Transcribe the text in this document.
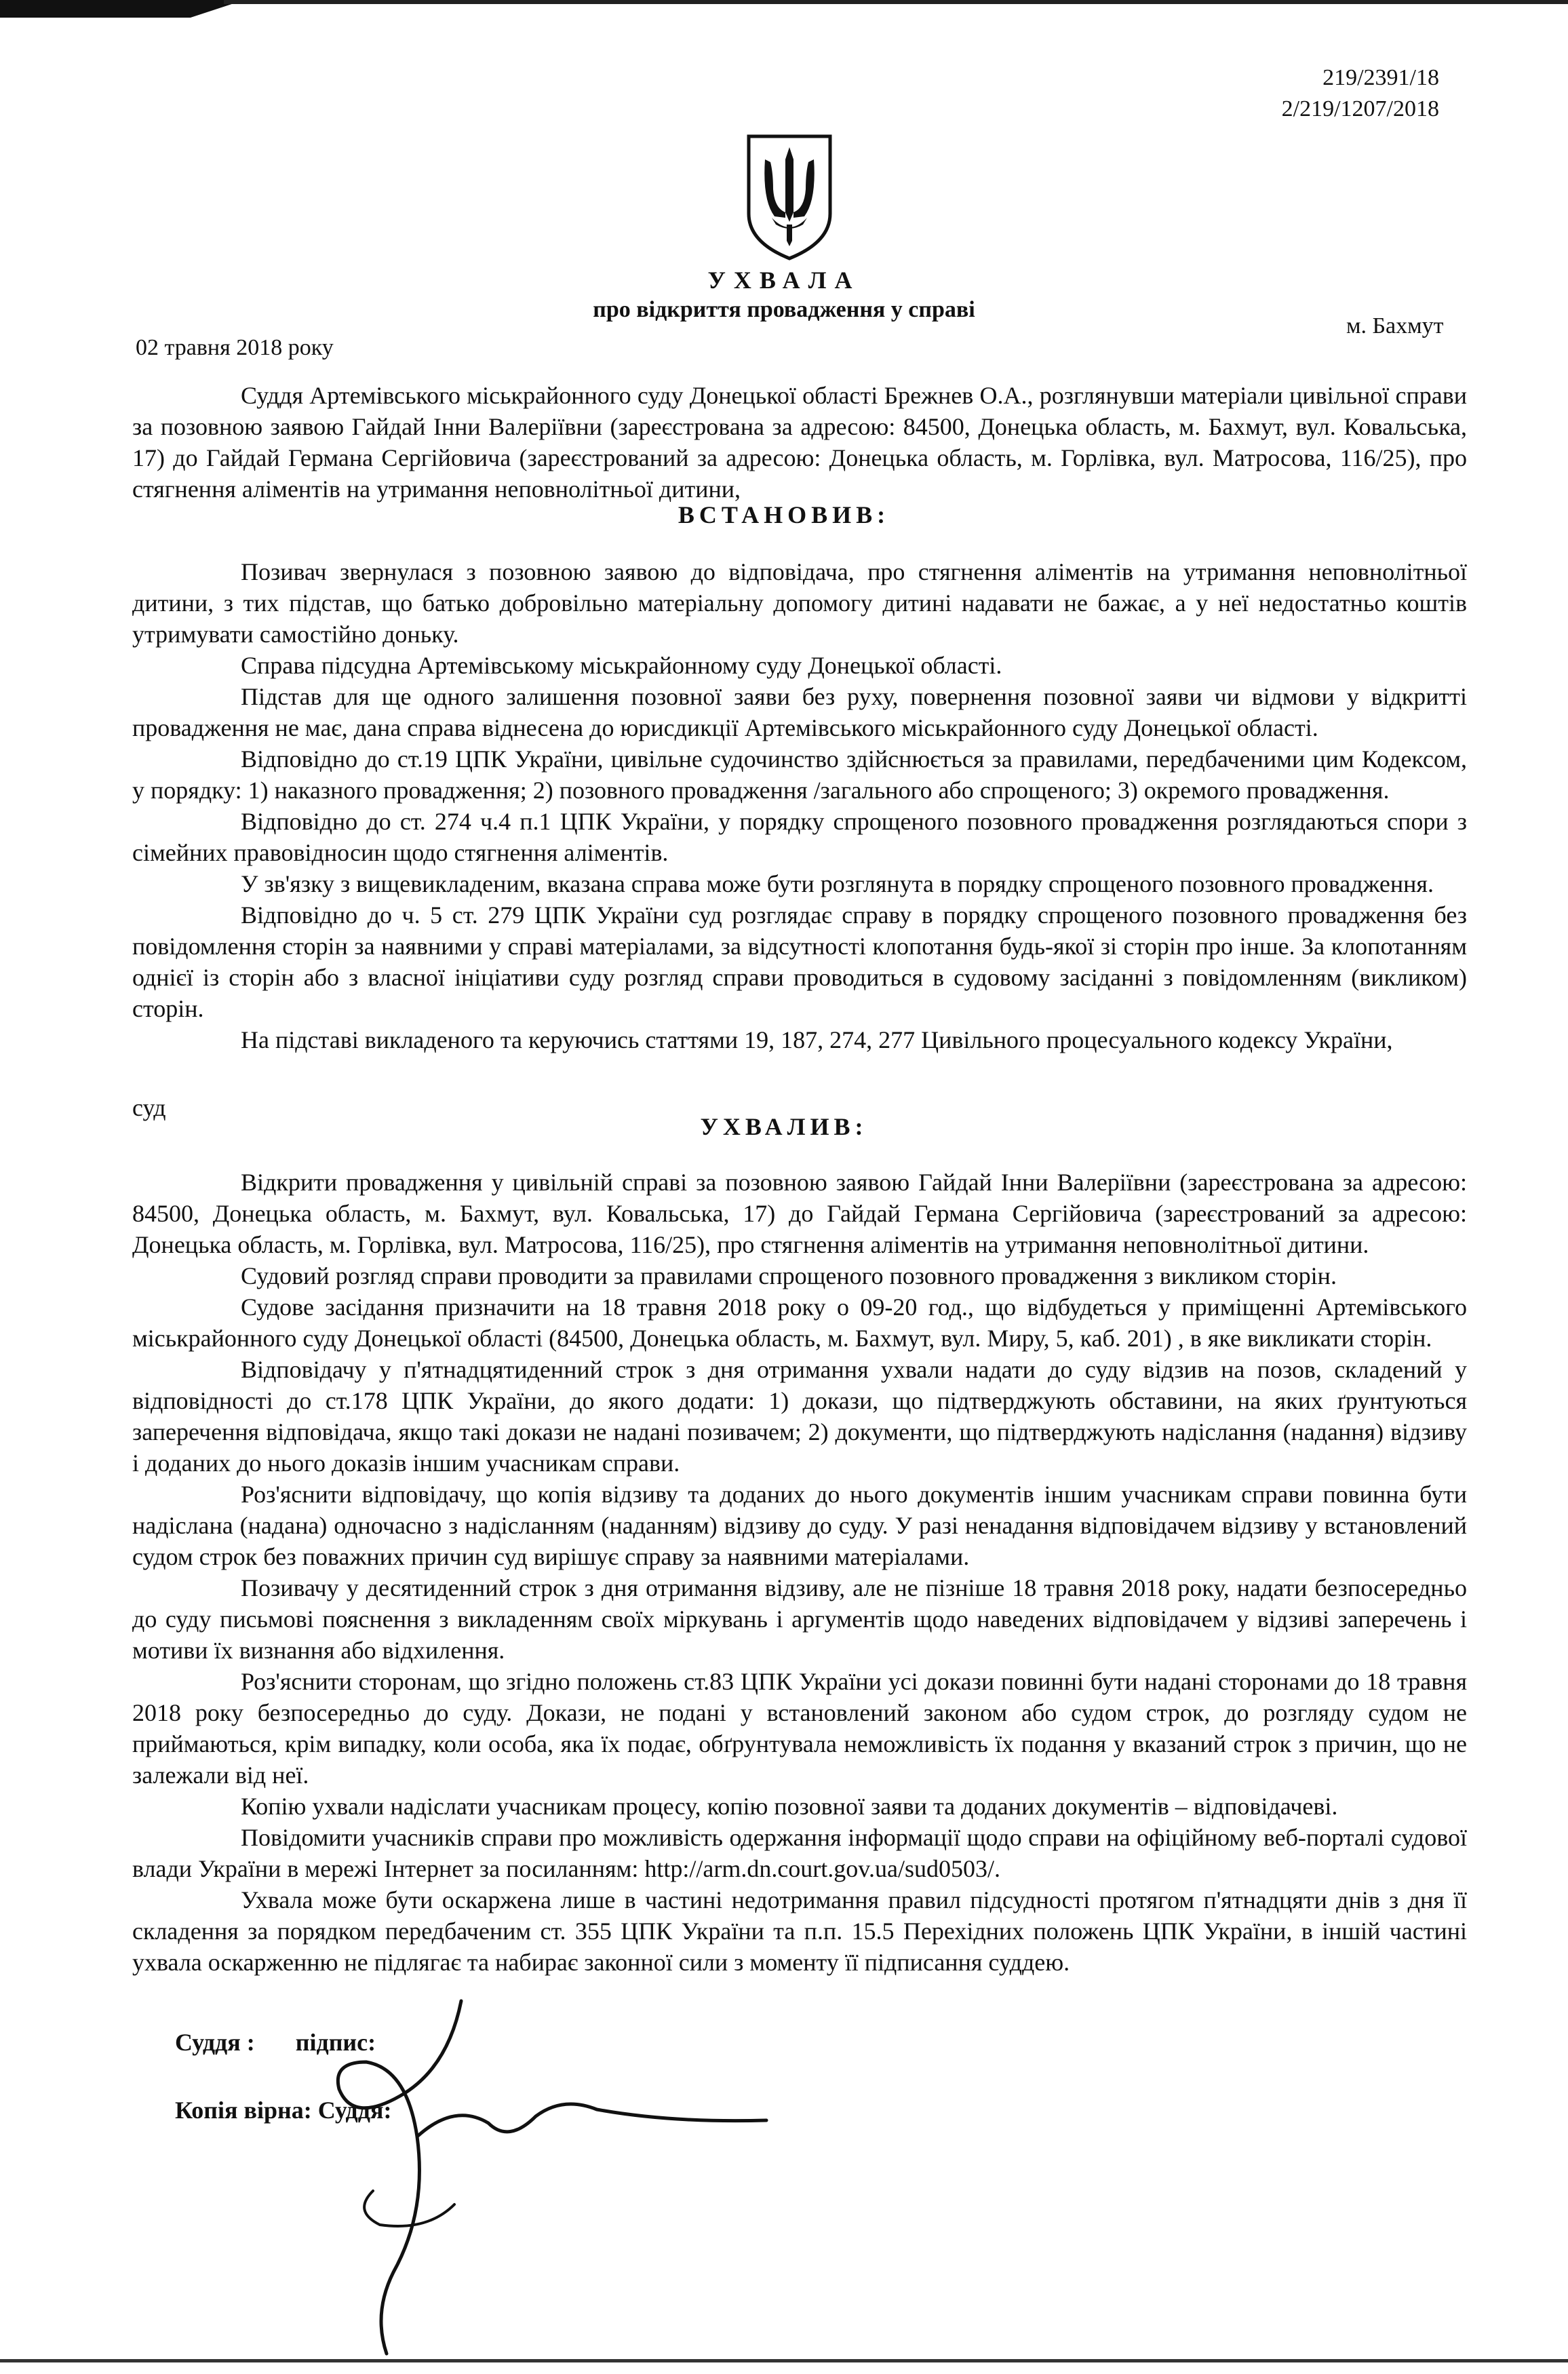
219/2391/18
2/219/1207/2018
УХВАЛА
про відкриття провадження у справі
02 травня 2018 року
м. Бахмут

Суддя Артемівського міськрайонного суду Донецької області Брежнев О.А., розглянувши матеріали цивільної справи за позовною заявою Гайдай Інни Валеріївни (зареєстрована за адресою: 84500, Донецька область, м. Бахмут, вул. Ковальська, 17) до Гайдай Германа Сергійовича (зареєстрований за адресою: Донецька область, м. Горлівка, вул. Матросова, 116/25), про стягнення аліментів на утримання неповнолітньої дитини,

ВСТАНОВИВ:

Позивач звернулася з позовною заявою до відповідача, про стягнення аліментів на утримання неповнолітньої дитини, з тих підстав, що батько добровільно матеріальну допомогу дитині надавати не бажає, а у неї недостатньо коштів утримувати самостійно доньку.

Справа підсудна Артемівському міськрайонному суду Донецької області.

Підстав для ще одного залишення позовної заяви без руху, повернення позовної заяви чи відмови у відкритті провадження не має, дана справа віднесена до юрисдикції Артемівського міськрайонного суду Донецької області.

Відповідно до ст.19 ЦПК України, цивільне судочинство здійснюється за правилами, передбаченими цим Кодексом, у порядку: 1) наказного провадження; 2) позовного провадження /загального або спрощеного; 3) окремого провадження.

Відповідно до ст. 274 ч.4 п.1 ЦПК України, у порядку спрощеного позовного провадження розглядаються спори з сімейних правовідносин щодо стягнення аліментів.

У зв'язку з вищевикладеним, вказана справа може бути розглянута в порядку спрощеного позовного провадження.

Відповідно до ч. 5 ст. 279 ЦПК України суд розглядає справу в порядку спрощеного позовного провадження без повідомлення сторін за наявними у справі матеріалами, за відсутності клопотання будь-якої зі сторін про інше. За клопотанням однієї із сторін або з власної ініціативи суду розгляд справи проводиться в судовому засіданні з повідомленням (викликом) сторін.

На підставі викладеного та керуючись статтями 19, 187, 274, 277 Цивільного процесуального кодексу України,

суд
УХВАЛИВ:

Відкрити провадження у цивільній справі за позовною заявою Гайдай Інни Валеріївни (зареєстрована за адресою: 84500, Донецька область, м. Бахмут, вул. Ковальська, 17) до Гайдай Германа Сергійовича (зареєстрований за адресою: Донецька область, м. Горлівка, вул. Матросова, 116/25), про стягнення аліментів на утримання неповнолітньої дитини.

Судовий розгляд справи проводити за правилами спрощеного позовного провадження з викликом сторін.

Судове засідання призначити на 18 травня 2018 року о 09-20 год., що відбудеться у приміщенні Артемівського міськрайонного суду Донецької області (84500, Донецька область, м. Бахмут, вул. Миру, 5, каб. 201) , в яке викликати сторін.

Відповідачу у п'ятнадцятиденний строк з дня отримання ухвали надати до суду відзив на позов, складений у відповідності до ст.178 ЦПК України, до якого додати: 1) докази, що підтверджують обставини, на яких ґрунтуються заперечення відповідача, якщо такі докази не надані позивачем; 2) документи, що підтверджують надіслання (надання) відзиву і доданих до нього доказів іншим учасникам справи.

Роз'яснити відповідачу, що копія відзиву та доданих до нього документів іншим учасникам справи повинна бути надіслана (надана) одночасно з надісланням (наданням) відзиву до суду. У разі ненадання відповідачем відзиву у встановлений судом строк без поважних причин суд вирішує справу за наявними матеріалами.

Позивачу у десятиденний строк з дня отримання відзиву, але не пізніше 18 травня 2018 року, надати безпосередньо до суду письмові пояснення з викладенням своїх міркувань і аргументів щодо наведених відповідачем у відзиві заперечень і мотиви їх визнання або відхилення.

Роз'яснити сторонам, що згідно положень ст.83 ЦПК України усі докази повинні бути надані сторонами до 18 травня 2018 року безпосередньо до суду. Докази, не подані у встановлений законом або судом строк, до розгляду судом не приймаються, крім випадку, коли особа, яка їх подає, обґрунтувала неможливість їх подання у вказаний строк з причин, що не залежали від неї.

Копію ухвали надіслати учасникам процесу, копію позовної заяви та доданих документів – відповідачеві.

Повідомити учасників справи про можливість одержання інформації щодо справи на офіційному веб-порталі судової влади України в мережі Інтернет за посиланням: http://arm.dn.court.gov.ua/sud0503/.

Ухвала може бути оскаржена лише в частині недотримання правил підсудності протягом п'ятнадцяти днів з дня її складення за порядком передбаченим ст. 355 ЦПК України та п.п. 15.5 Перехідних положень ЦПК України, в іншій частині ухвала оскарженню не підлягає та набирає законної сили з моменту її підписання суддею.

Суддя : підпис:
Копія вірна: Суддя:
